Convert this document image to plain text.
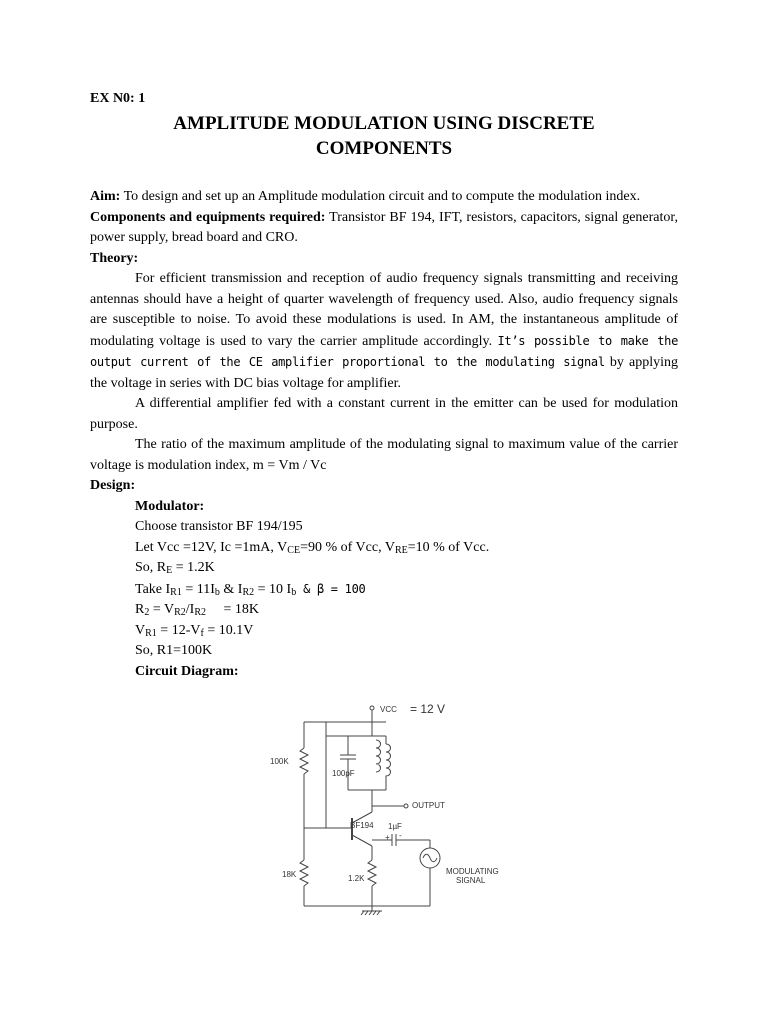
EX N0: 1
AMPLITUDE MODULATION USING DISCRETE
COMPONENTS

Aim: To design and set up an Amplitude modulation circuit and to compute the modulation index.

Components and equipments required: Transistor BF 194, IFT, resistors, capacitors, signal generator, power supply, bread board and CRO.

Theory:

For efficient transmission and reception of audio frequency signals transmitting and receiving antennas should have a height of quarter wavelength of frequency used. Also, audio frequency signals are susceptible to noise. To avoid these modulations is used. In AM, the instantaneous amplitude of modulating voltage is used to vary the carrier amplitude accordingly. It’s possible to make the output current of the CE amplifier proportional to the modulating signal by applying the voltage in series with DC bias voltage for amplifier.

A differential amplifier fed with a constant current in the emitter can be used for modulation purpose.

The ratio of the maximum amplitude of the modulating signal to maximum value of the carrier voltage is modulation index, m = Vm / Vc

Design:

Modulator:
Choose transistor BF 194/195
Let Vcc =12V, Ic =1mA, $V_{CE}=90$ % of Vcc, $V_{RE}=10$ % of Vcc.
So, $R_E = 1.2K$
Take $I_{R1} = 11I_b$ & $I_{R2} = 10$ $I_b$ & β = 100
$R_2 = V_{R2}/I_{R2}$     = 18K
$V_{R1} = 12-V_f = 10.1V$
So, R1=100K
Circuit Diagram:
VCC = 12 V
100K
100pF
OUTPUT
BF194 1µF
+ -
18K	1.2K
MODULATING
SIGNAL
